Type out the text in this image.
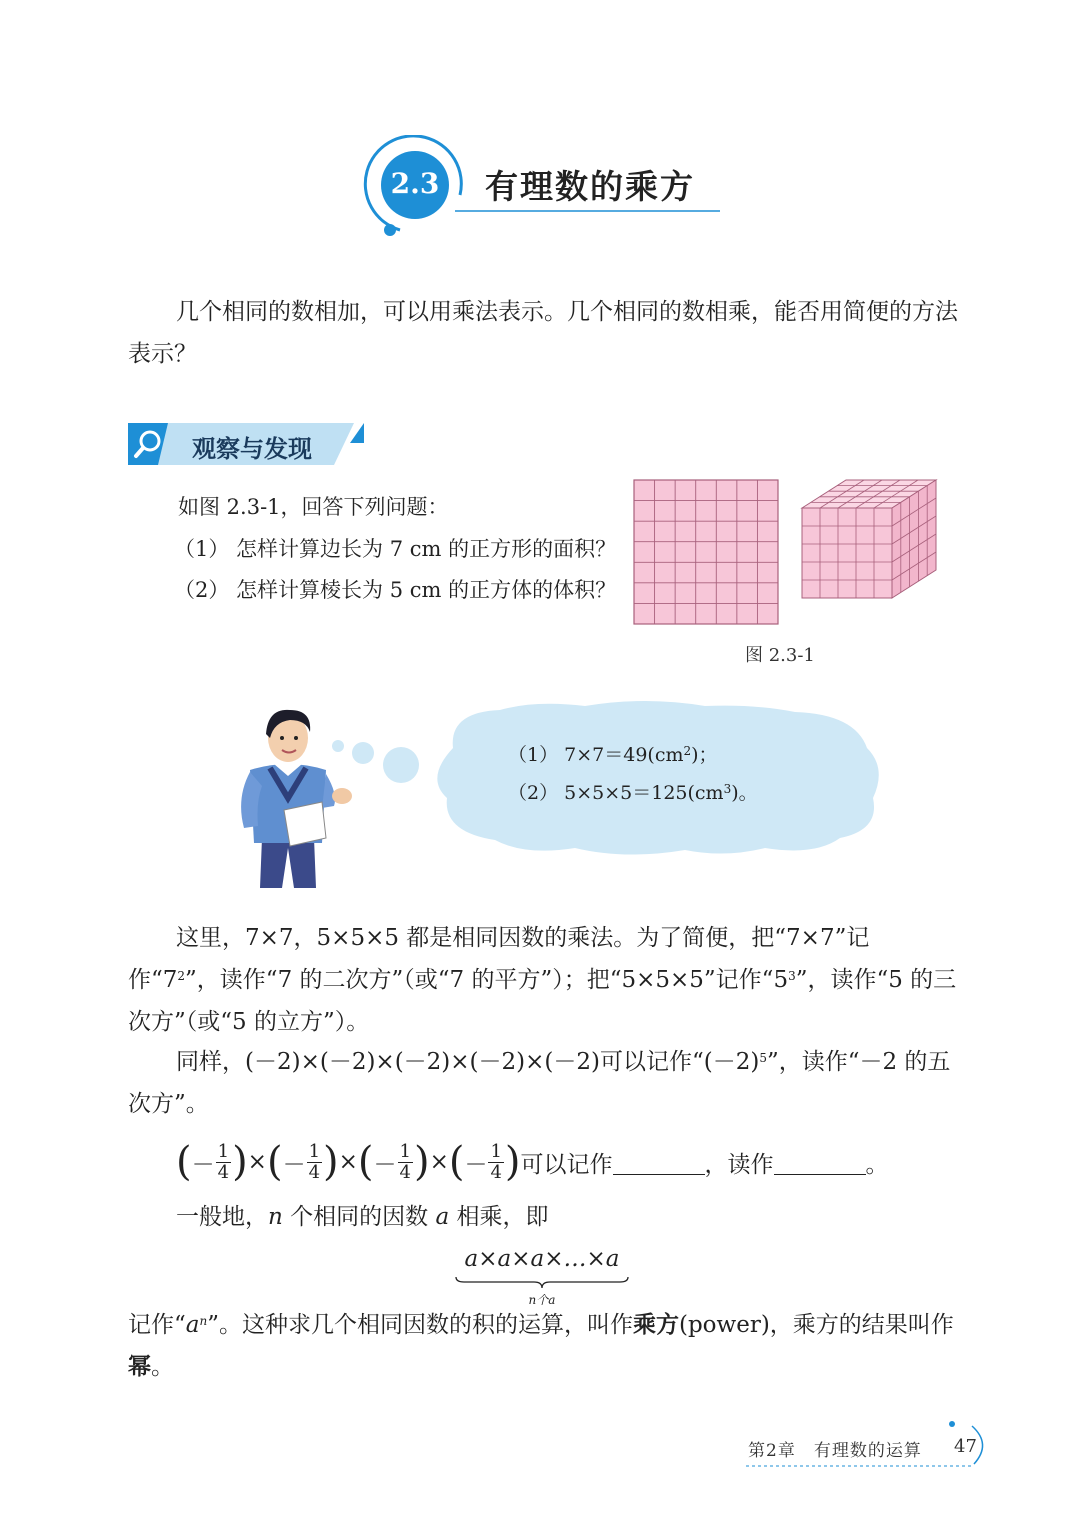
2.3 有理数的乘方

几个相同的数相加，可以用乘法表示。几个相同的数相乘，能否用简便的方法表示？

观察与发现
如图 2.3-1，回答下列问题：
（1） 怎样计算边长为 7 cm 的正方形的面积？
（2） 怎样计算棱长为 5 cm 的正方体的体积？
图 2.3-1
（1） $7\times 7=49(cm^2)$；
（2） $5\times 5\times 5=125(cm^3)$。

这里，7×7，5×5×5 都是相同因数的乘法。为了简便，把“7×7”记作“$7^2$”，读作“7 的二次方”（或“7 的平方”）；把“5×5×5”记作“$5^3$”，读作“5 的三次方”（或“5 的立方”）。

同样，(－2)×(－2)×(－2)×(－2)×(－2)可以记作“$(-2)^5$”，读作“－2 的五次方”。

( － $\frac{1}{4}$ ) × ( － $\frac{1}{4}$ ) × ( － $\frac{1}{4}$ ) × ( － $\frac{1}{4}$ ) 可以记作	，读作	。

一般地，n 个相同的因数 a 相乘，即

a×a×a×…×a
n个a

记作“$a^n$”。这种求几个相同因数的积的运算，叫作乘方(power)，乘方的结果叫作幂。

第2章　有理数的运算 47
